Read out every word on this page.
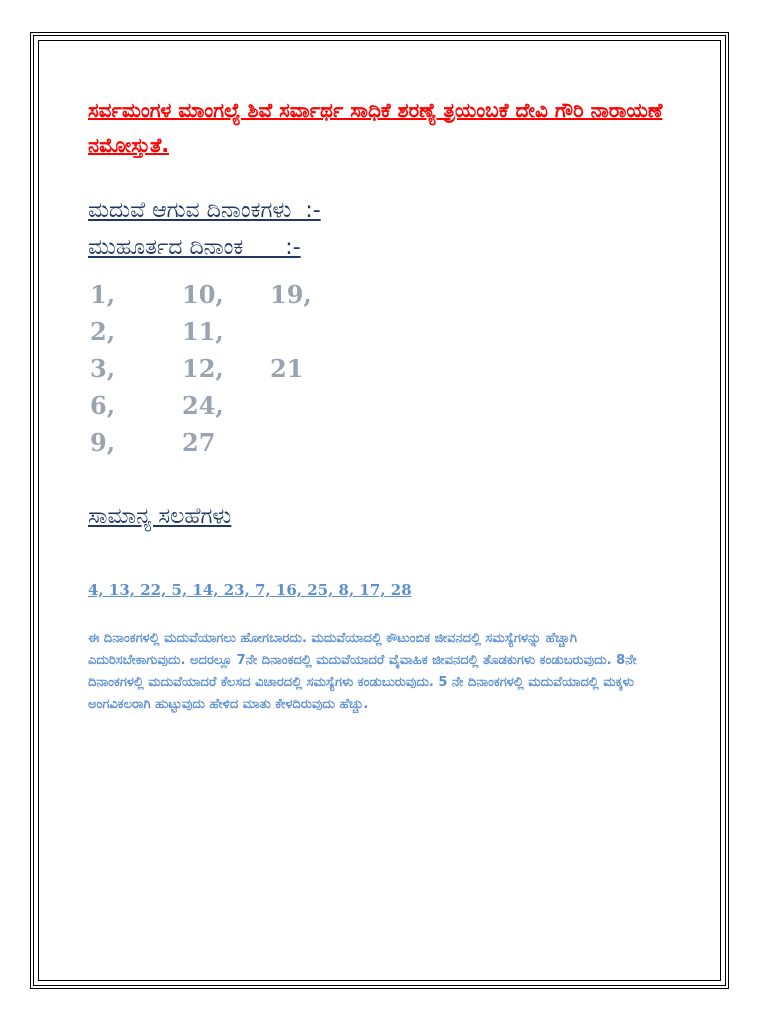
ಸರ್ವಮಂಗಳ ಮಾಂಗಲ್ಯೆ ಶಿವೆ ಸರ್ವಾರ್ಥ ಸಾಧಿಕೆ ಶರಣ್ಯೆ ತ್ರಯಂಬಕೆ ದೇವಿ ಗೌರಿ ನಾರಾಯಣೆ ನಮೋಸ್ತುತೆ.

ಮದುವೆ ಆಗುವ ದಿನಾಂಕಗಳು  :-

ಮುಹೂರ್ತದ ದಿನಾಂಕ      :-

1,	10, 19,
2,	11,
3,	12, 21
6,	24,
9,	27

ಸಾಮಾನ್ಯ ಸಲಹೆಗಳು

4, 13, 22, 5, 14, 23, 7, 16, 25, 8, 17, 28

ಈ ದಿನಾಂಕಗಳಲ್ಲಿ ಮದುವೆಯಾಗಲು ಹೋಗಬಾರದು. ಮದುವೆಯಾದಲ್ಲಿ ಕೌಟುಂಬಿಕ ಜೀವನದಲ್ಲಿ ಸಮಸ್ಯೆಗಳನ್ನು ಹೆಚ್ಚಾಗಿ ಎದುರಿಸಬೇಕಾಗುವುದು. ಅದರಲ್ಲೂ 7ನೇ ದಿನಾಂಕದಲ್ಲಿ ಮದುವೆಯಾದರೆ ವೈವಾಹಿಕ ಜೀವನದಲ್ಲಿ ತೊಡಕುಗಳು ಕಂಡುಬರುವುದು. 8ನೇ ದಿನಾಂಕಗಳಲ್ಲಿ ಮದುವೆಯಾದರೆ ಕೆಲಸದ ವಿಚಾರದಲ್ಲಿ ಸಮಸ್ಯೆಗಳು ಕಂಡುಬುರುವುದು. 5 ನೇ ದಿನಾಂಕಗಳಲ್ಲಿ ಮದುವೆಯಾದಲ್ಲಿ ಮಕ್ಕಳು ಅಂಗವಿಕಲರಾಗಿ ಹುಟ್ಟುವುದು ಹೇಳಿದ ಮಾತು ಕೇಳದಿರುವುದು ಹೆಚ್ಚು.
